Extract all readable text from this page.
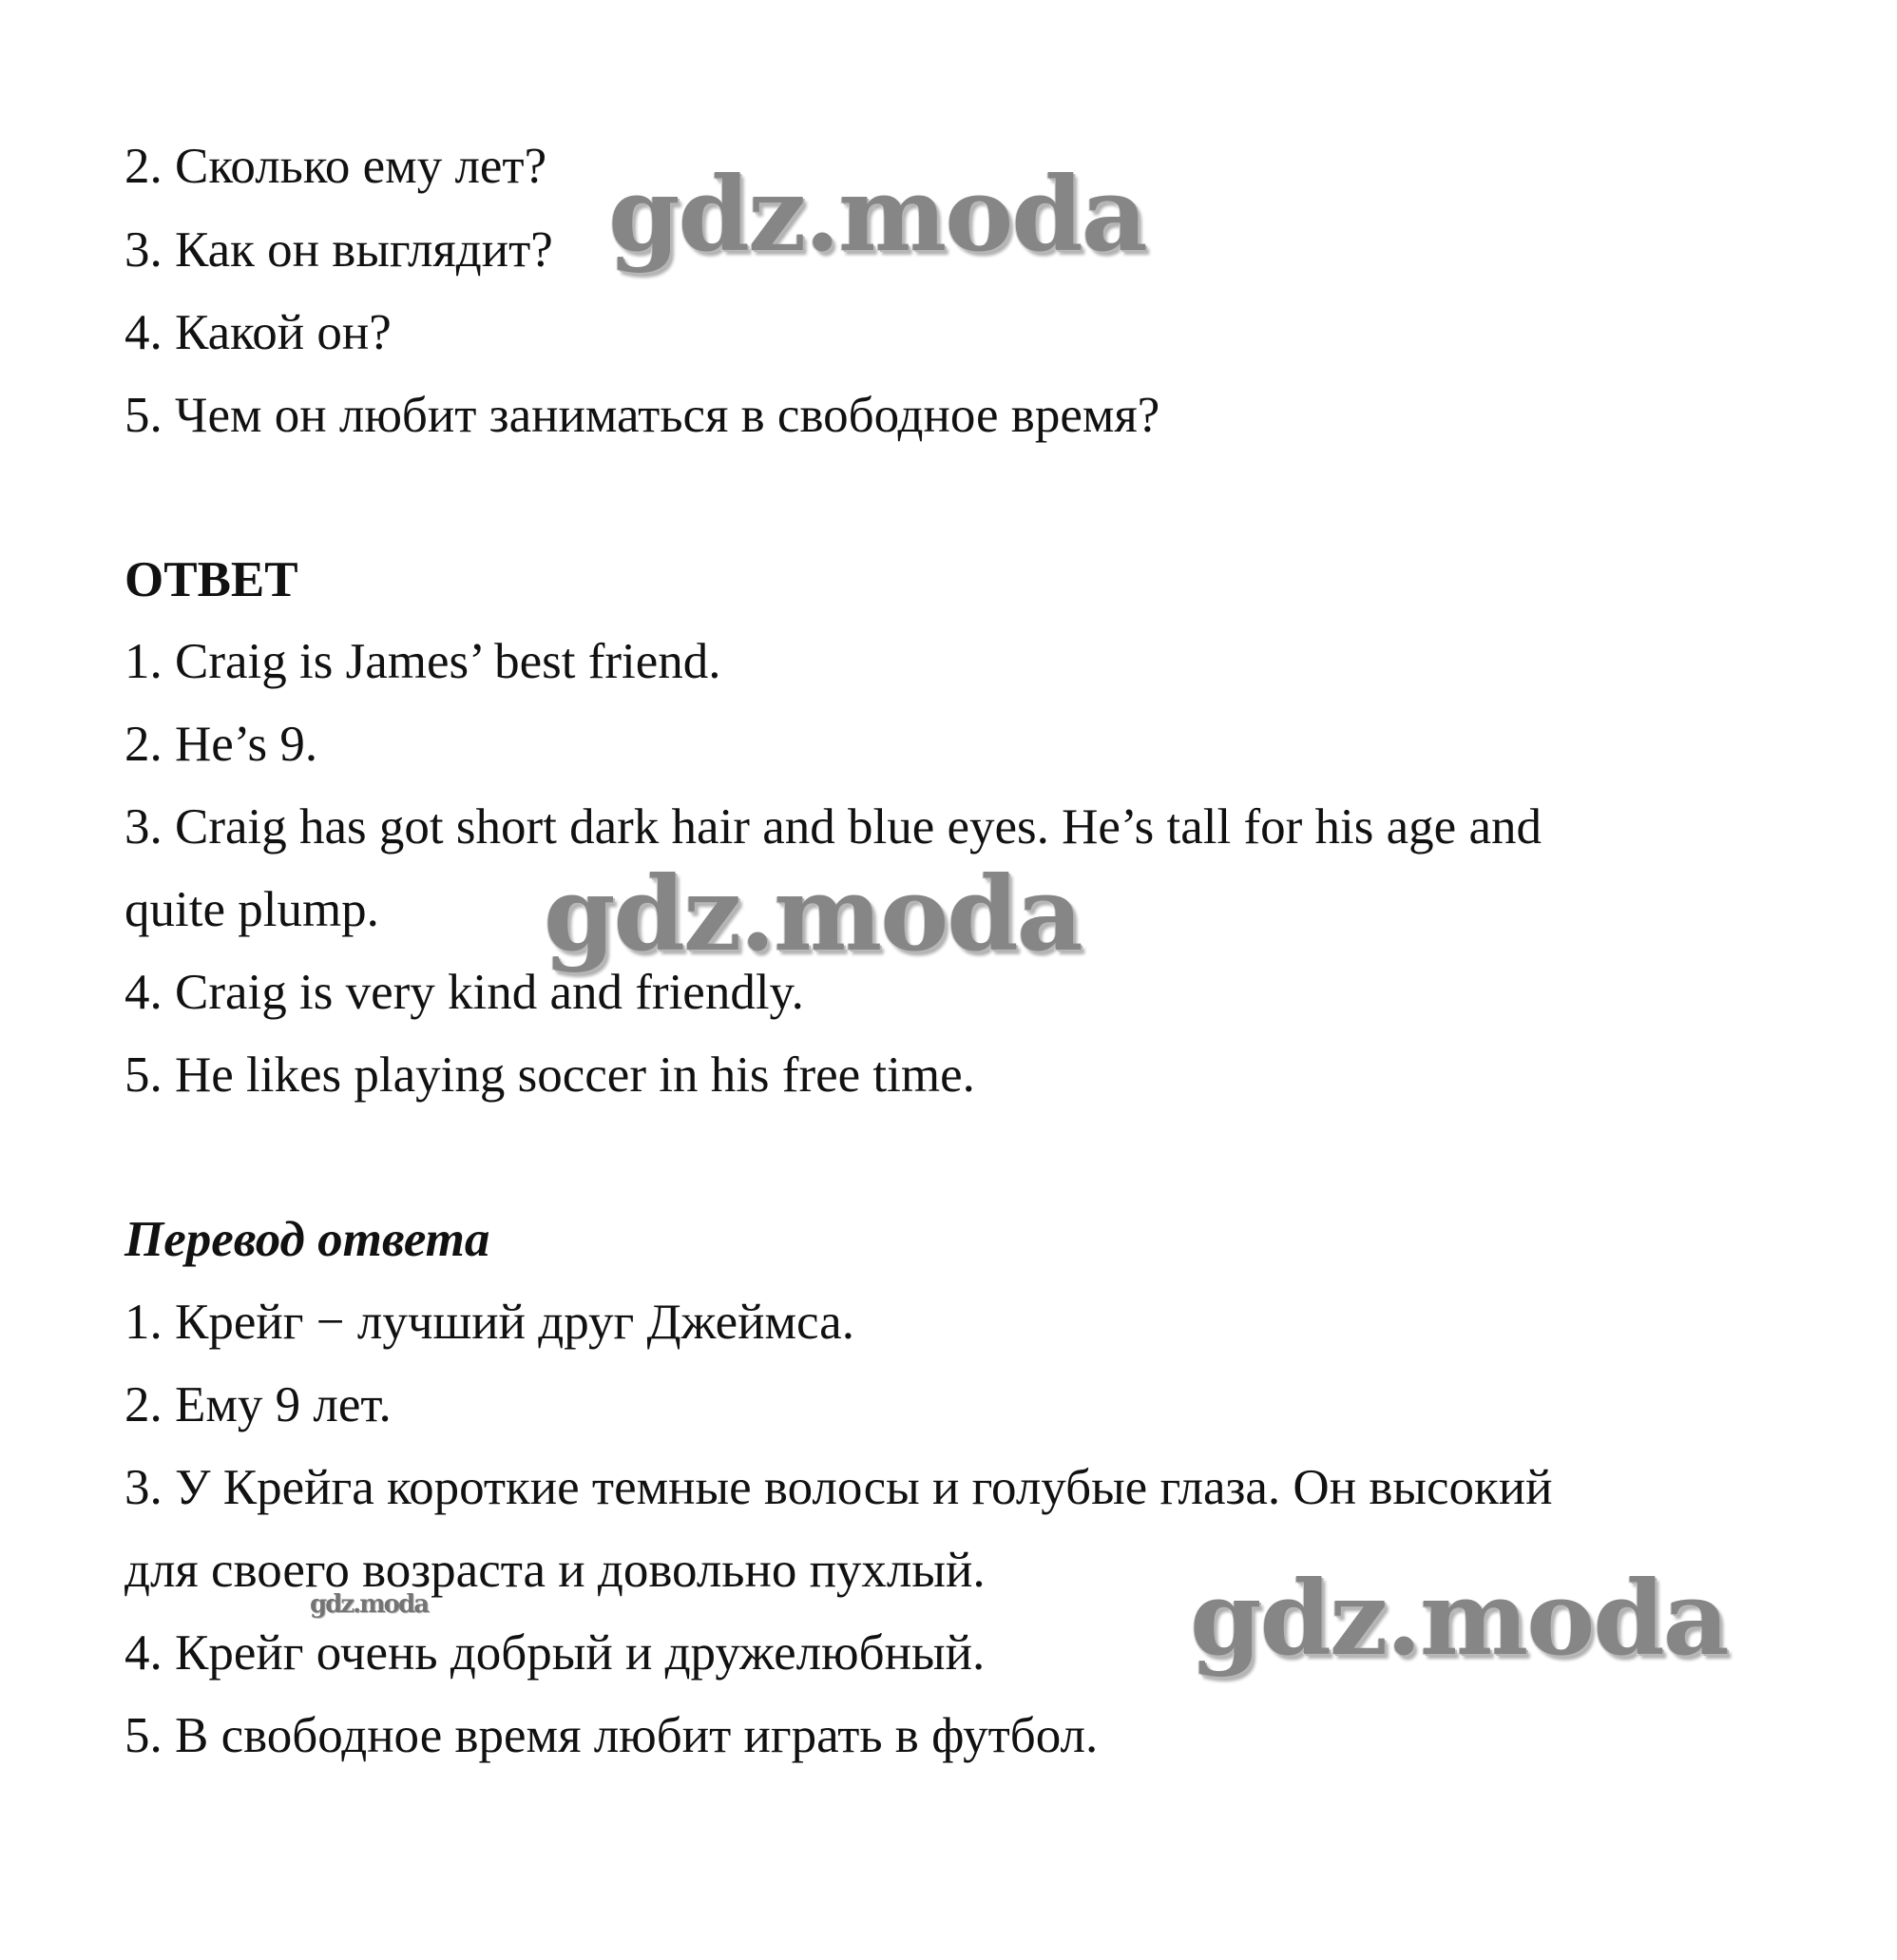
2. Сколько ему лет?
3. Как он выглядит?
4. Какой он?
5. Чем он любит заниматься в свободное время?
ОТВЕТ
1. Craig is James’ best friend.
2. He’s 9.
3. Craig has got short dark hair and blue eyes. He’s tall for his age and
quite plump.
4. Craig is very kind and friendly.
5. He likes playing soccer in his free time.
Перевод ответа
1. Крейг − лучший друг Джеймса.
2. Ему 9 лет.
3. У Крейга короткие темные волосы и голубые глаза. Он высокий
для своего возраста и довольно пухлый.
4. Крейг очень добрый и дружелюбный.
5. В свободное время любит играть в футбол.
gdz.moda
gdz.moda
gdz.moda
gdz.moda
